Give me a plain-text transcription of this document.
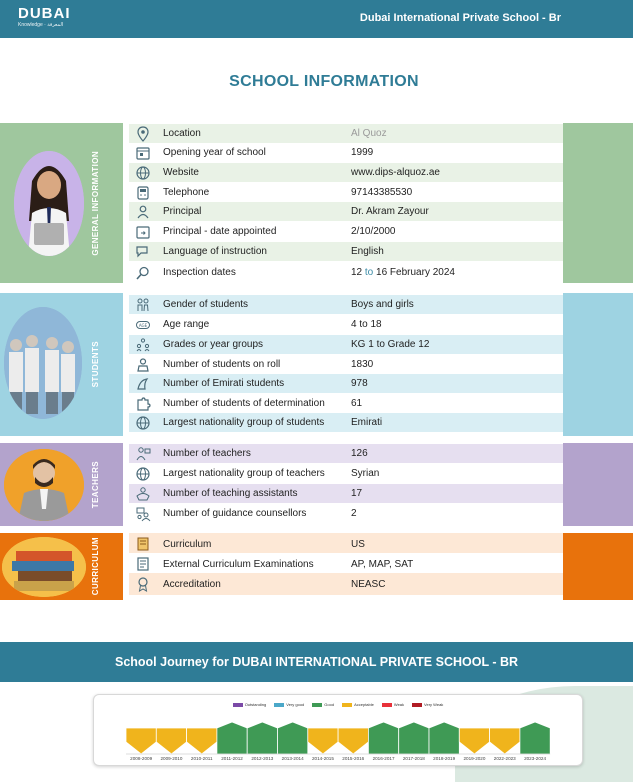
DUBAI
Knowledge · المعرفة
Dubai International Private School - Br
SCHOOL INFORMATION
GENERAL INFORMATION
STUDENTS
TEACHERS
CURRICULUM
Location	Al Quoz
Opening year of school	1999
Website	www.dips-alquoz.ae
Telephone	97143385530
Principal	Dr. Akram Zayour
Principal - date appointed	2/10/2000
Language of instruction	English
Inspection dates	12 to 16 February 2024
Gender of students	Boys and girls
AGE Age range	4 to 18
Grades or year groups	KG 1 to Grade 12
Number of students on roll	1830
Number of Emirati students	978
Number of students of determination	61
Largest nationality group of students	Emirati
Number of teachers	126
Largest nationality group of teachers	Syrian
Number of teaching assistants	17
Number of guidance counsellors	2
Curriculum	US
External Curriculum Examinations	AP, MAP, SAT
Accreditation	NEASC
School Journey for DUBAI INTERNATIONAL PRIVATE SCHOOL - BR
Outstanding	Very good	Good	Acceptable	Weak	Very Weak
2008-2009 2009-2010 2010-2011 2011-2012 2012-2013 2013-2014 2014-2015 2015-2016 2016-2017 2017-2018 2018-2019 2019-2020 2022-2023 2023-2024
